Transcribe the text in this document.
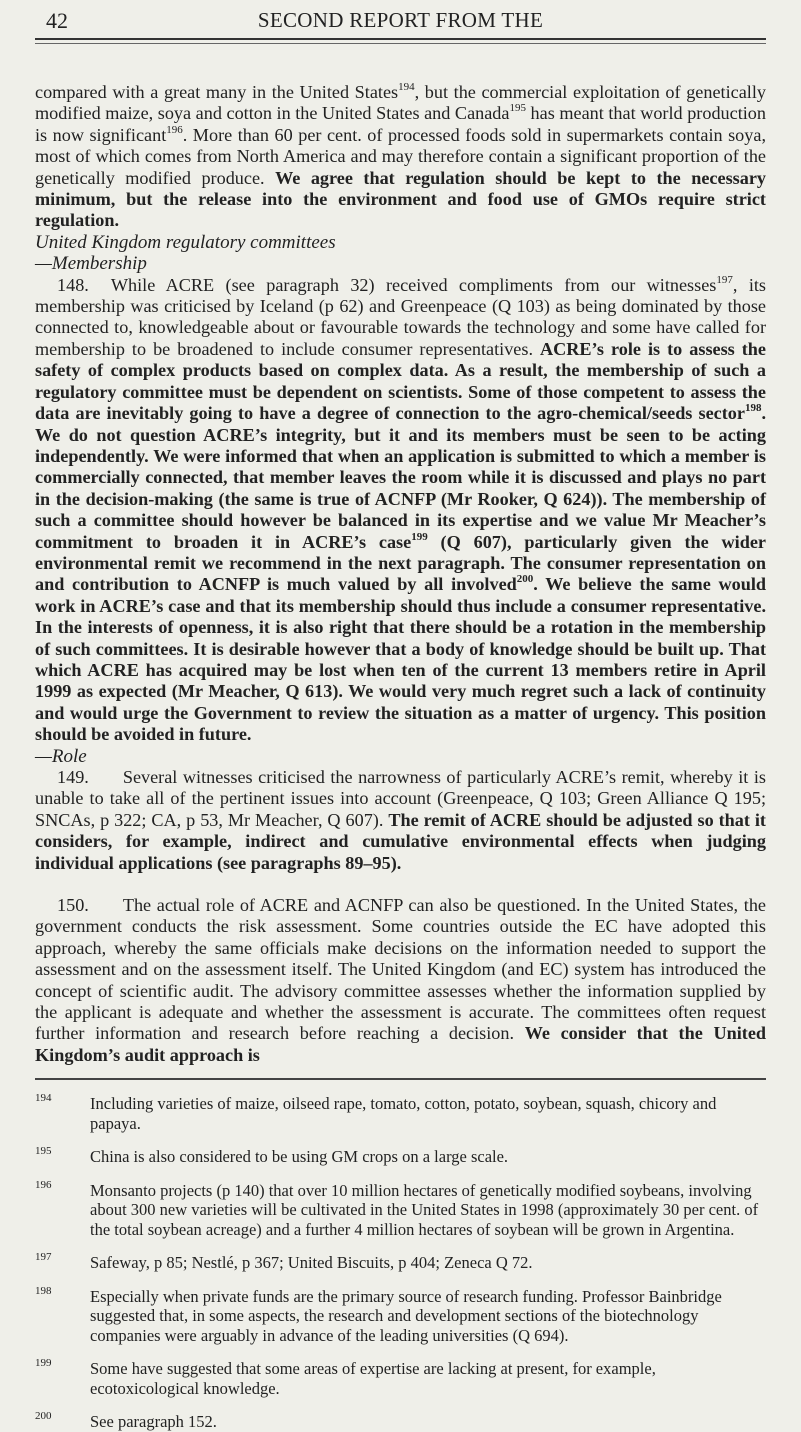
42	SECOND REPORT FROM THE

compared with a great many in the United States$^{194}$, but the commercial exploitation of genetically modified maize, soya and cotton in the United States and Canada$^{195}$ has meant that world production is now significant$^{196}$. More than 60 per cent. of processed foods sold in supermarkets contain soya, most of which comes from North America and may therefore contain a significant proportion of the genetically modified produce. We agree that regulation should be kept to the necessary minimum, but the release into the environment and food use of GMOs require strict regulation.

United Kingdom regulatory committees

—Membership

148. While ACRE (see paragraph 32) received compliments from our witnesses$^{197}$, its membership was criticised by Iceland (p 62) and Greenpeace (Q 103) as being dominated by those connected to, knowledgeable about or favourable towards the technology and some have called for membership to be broadened to include consumer representatives. ACRE’s role is to assess the safety of complex products based on complex data. As a result, the membership of such a regulatory committee must be dependent on scientists. Some of those competent to assess the data are inevitably going to have a degree of connection to the agro-chemical/seeds sector$^{198}$. We do not question ACRE’s integrity, but it and its members must be seen to be acting independently. We were informed that when an application is submitted to which a member is commercially connected, that member leaves the room while it is discussed and plays no part in the decision-making (the same is true of ACNFP (Mr Rooker, Q 624)). The membership of such a committee should however be balanced in its expertise and we value Mr Meacher’s commitment to broaden it in ACRE’s case$^{199}$ (Q 607), particularly given the wider environmental remit we recommend in the next paragraph. The consumer representation on and contribution to ACNFP is much valued by all involved$^{200}$. We believe the same would work in ACRE’s case and that its membership should thus include a consumer representative. In the interests of openness, it is also right that there should be a rotation in the membership of such committees. It is desirable however that a body of knowledge should be built up. That which ACRE has acquired may be lost when ten of the current 13 members retire in April 1999 as expected (Mr Meacher, Q 613). We would very much regret such a lack of continuity and would urge the Government to review the situation as a matter of urgency. This position should be avoided in future.

—Role

149. Several witnesses criticised the narrowness of particularly ACRE’s remit, whereby it is unable to take all of the pertinent issues into account (Greenpeace, Q 103; Green Alliance Q 195; SNCAs, p 322; CA, p 53, Mr Meacher, Q 607). The remit of ACRE should be adjusted so that it considers, for example, indirect and cumulative environmental effects when judging individual applications (see paragraphs 89–95).

150. The actual role of ACRE and ACNFP can also be questioned. In the United States, the government conducts the risk assessment. Some countries outside the EC have adopted this approach, whereby the same officials make decisions on the information needed to support the assessment and on the assessment itself. The United Kingdom (and EC) system has introduced the concept of scientific audit. The advisory committee assesses whether the information supplied by the applicant is adequate and whether the assessment is accurate. The committees often request further information and research before reaching a decision. We consider that the United Kingdom’s audit approach is

194 Including varieties of maize, oilseed rape, tomato, cotton, potato, soybean, squash, chicory and papaya.
195 China is also considered to be using GM crops on a large scale.
196 Monsanto projects (p 140) that over 10 million hectares of genetically modified soybeans, involving about 300 new varieties will be cultivated in the United States in 1998 (approximately 30 per cent. of the total soybean acreage) and a further 4 million hectares of soybean will be grown in Argentina.
197 Safeway, p 85; Nestlé, p 367; United Biscuits, p 404; Zeneca Q 72.
198 Especially when private funds are the primary source of research funding. Professor Bainbridge suggested that, in some aspects, the research and development sections of the biotechnology companies were arguably in advance of the leading universities (Q 694).
199 Some have suggested that some areas of expertise are lacking at present, for example, ecotoxicological knowledge.
200 See paragraph 152.
